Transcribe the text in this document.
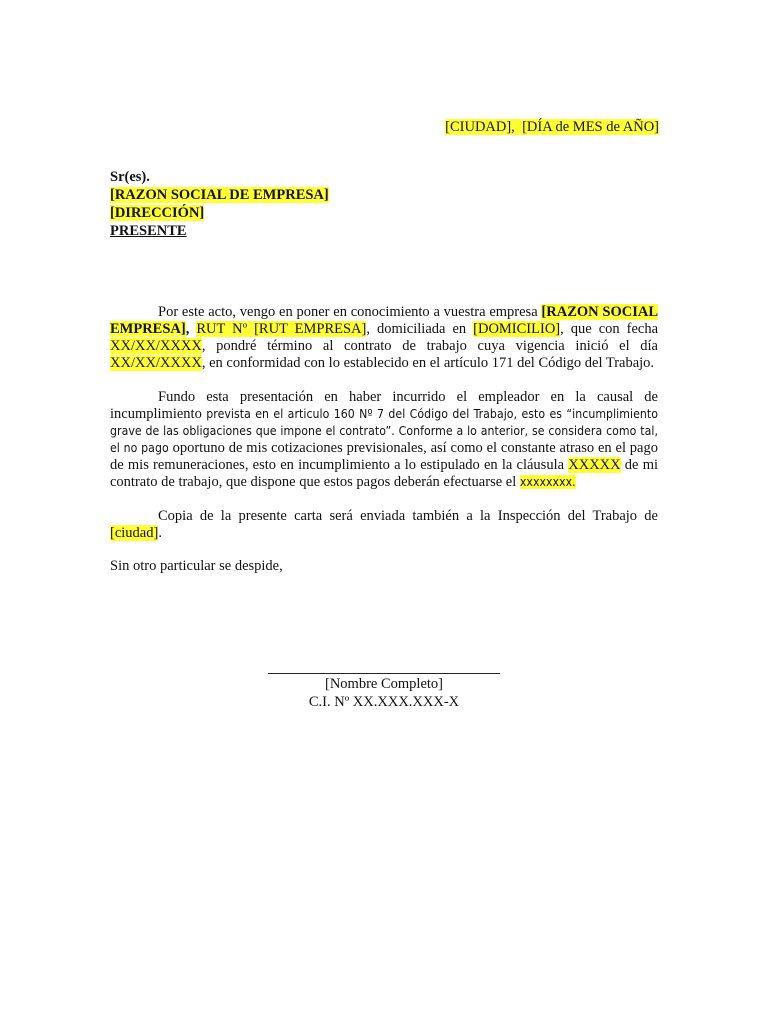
[CIUDAD], [DÍA de MES de AÑO]
Sr(es).
[RAZON SOCIAL DE EMPRESA]
[DIRECCIÓN]
PRESENTE

Por este acto, vengo en poner en conocimiento a vuestra empresa [RAZON SOCIAL EMPRESA], RUT Nº [RUT EMPRESA], domiciliada en [DOMICILIO], que con fecha XX/XX/XXXX, pondré término al contrato de trabajo cuya vigencia inició el día XX/XX/XXXX, en conformidad con lo establecido en el artículo 171 del Código del Trabajo.

Fundo esta presentación en haber incurrido el empleador en la causal de incumplimiento prevista en el articulo 160 Nº 7 del Código del Trabajo, esto es “incumplimiento grave de las obligaciones que impone el contrato”. Conforme a lo anterior, se considera como tal, el no pago oportuno de mis cotizaciones previsionales, así como el constante atraso en el pago de mis remuneraciones, esto en incumplimiento a lo estipulado en la cláusula XXXXX de mi contrato de trabajo, que dispone que estos pagos deberán efectuarse el xxxxxxxx.

Copia de la presente carta será enviada también a la Inspección del Trabajo de [ciudad].

Sin otro particular se despide,
[Nombre Completo]
C.I. Nº XX.XXX.XXX-X
